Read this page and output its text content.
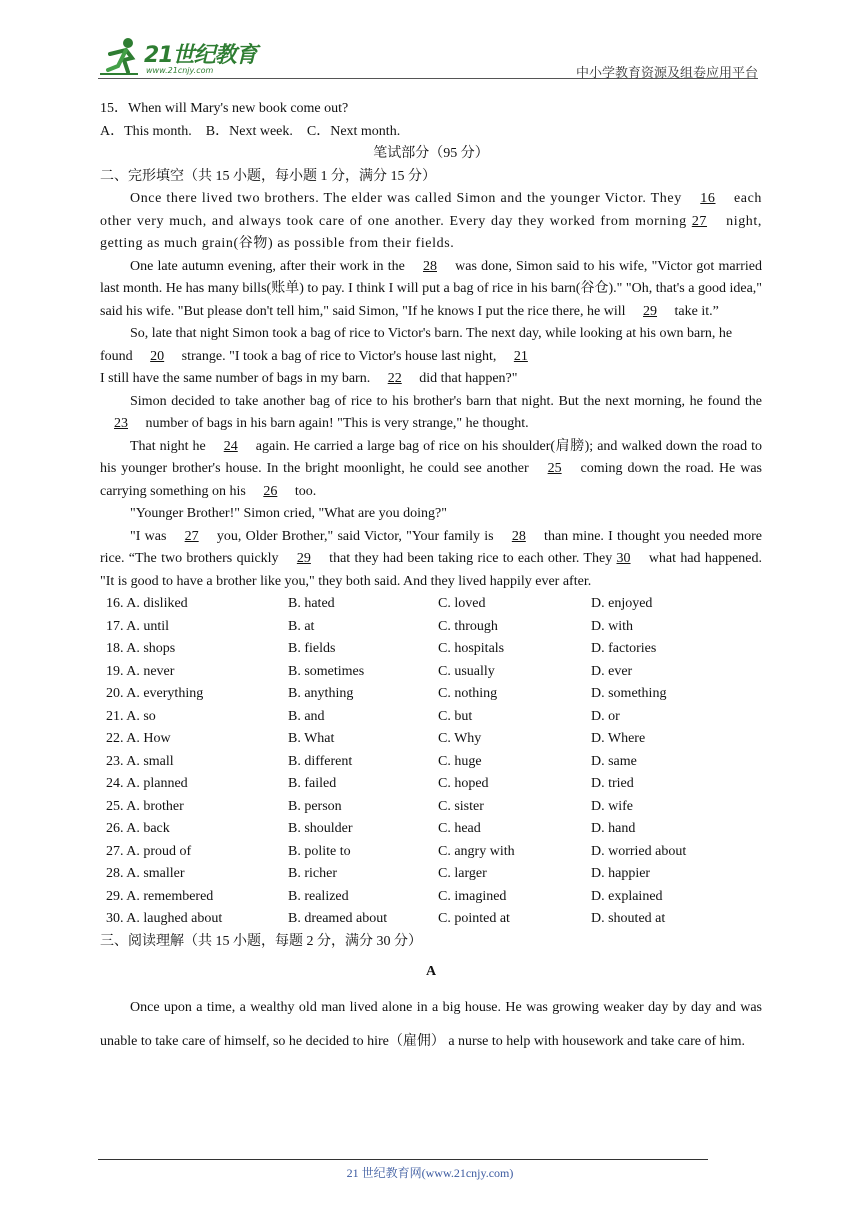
21世纪教育
www.21cnjy.com	中小学教育资源及组卷应用平台

15．When will Mary's new book come out?

A．This month.    B．Next week.    C．Next month.

笔试部分（95 分）

二、完形填空（共 15 小题，每小题 1 分，满分 15 分）

Once there lived two brothers. The elder was called Simon and the younger Victor. They 16 each other very much, and always took care of one another. Every day they worked from morning 27 night, getting as much grain(谷物) as possible from their fields.

One late autumn evening, after their work in the 28 was done, Simon said to his wife, "Victor got married last month. He has many bills(账单) to pay. I think I will put a bag of rice in his barn(谷仓)." "Oh, that's a good idea," said his wife. "But please don't tell him," said Simon, "If he knows I put the rice there, he will 29 take it.”

So, late that night Simon took a bag of rice to Victor's barn. The next day, while looking at his own barn, he found 20 strange. "I took a bag of rice to Victor's house last night, 21
I still have the same number of bags in my barn. 22 did that happen?"

Simon decided to take another bag of rice to his brother's barn that night. But the next morning, he found the 23 number of bags in his barn again! "This is very strange," he thought.

That night he 24 again. He carried a large bag of rice on his shoulder(肩膀); and walked down the road to his younger brother's house. In the bright moonlight, he could see another 25 coming down the road. He was carrying something on his 26 too.

"Younger Brother!" Simon cried, "What are you doing?"

"I was 27 you, Older Brother," said Victor, "Your family is 28 than mine. I thought you needed more rice. “The two brothers quickly 29 that they had been taking rice to each other. They 30 what had happened. "It is good to have a brother like you," they both said. And they lived happily ever after.

16. A. disliked	B. hated	C. loved	D. enjoyed
17. A. until	B. at	C. through	D. with
18. A. shops	B. fields	C. hospitals	D. factories
19. A. never	B. sometimes	C. usually	D. ever
20. A. everything	B. anything	C. nothing	D. something
21. A. so	B. and	C. but	D. or
22. A. How	B. What	C. Why	D. Where
23. A. small	B. different	C. huge	D. same
24. A. planned	B. failed	C. hoped	D. tried
25. A. brother	B. person	C. sister	D. wife
26. A. back	B. shoulder	C. head	D. hand
27. A. proud of	B. polite to	C. angry with	D. worried about
28. A. smaller	B. richer	C. larger	D. happier
29. A. remembered	B. realized	C. imagined	D. explained
30. A. laughed about	B. dreamed about	C. pointed at	D. shouted at

三、阅读理解（共 15 小题，每题 2 分，满分 30 分）

A

Once upon a time, a wealthy old man lived alone in a big house. He was growing weaker day by day and was unable to take care of himself, so he decided to hire（雇佣） a nurse to help with housework and take care of him.

21 世纪教育网(www.21cnjy.com)
